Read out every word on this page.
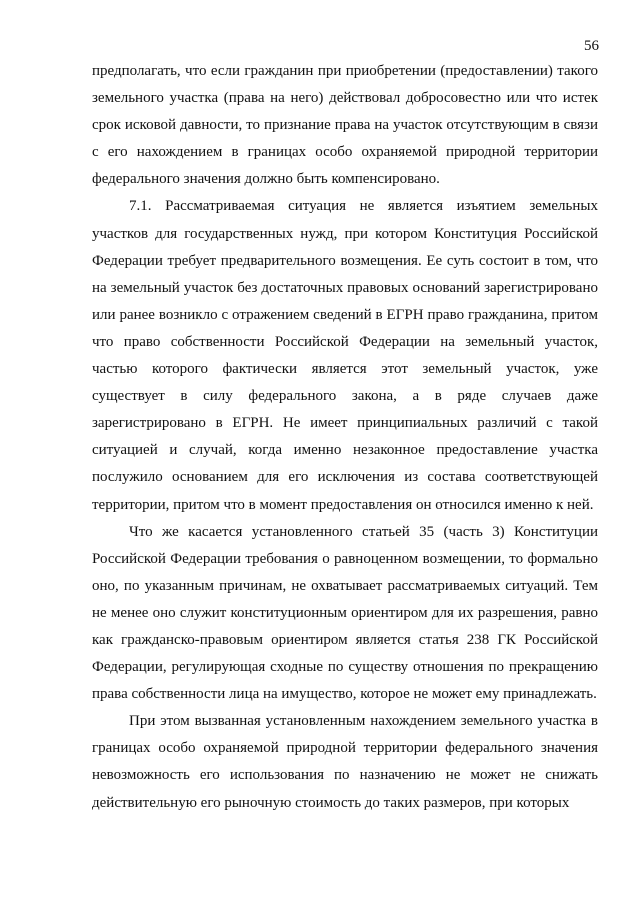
56

предполагать, что если гражданин при приобретении (предоставлении) такого земельного участка (права на него) действовал добросовестно или что истек срок исковой давности, то признание права на участок отсутствующим в связи с его нахождением в границах особо охраняемой природной территории федерального значения должно быть компенсировано.

7.1. Рассматриваемая ситуация не является изъятием земельных участков для государственных нужд, при котором Конституция Российской Федерации требует предварительного возмещения. Ее суть состоит в том, что на земельный участок без достаточных правовых оснований зарегистрировано или ранее возникло с отражением сведений в ЕГРН право гражданина, притом что право собственности Российской Федерации на земельный участок, частью которого фактически является этот земельный участок, уже существует в силу федерального закона, а в ряде случаев даже зарегистрировано в ЕГРН. Не имеет принципиальных различий с такой ситуацией и случай, когда именно незаконное предоставление участка послужило основанием для его исключения из состава соответствующей территории, притом что в момент предоставления он относился именно к ней.

Что же касается установленного статьей 35 (часть 3) Конституции Российской Федерации требования о равноценном возмещении, то формально оно, по указанным причинам, не охватывает рассматриваемых ситуаций. Тем не менее оно служит конституционным ориентиром для их разрешения, равно как гражданско-правовым ориентиром является статья 238 ГК Российской Федерации, регулирующая сходные по существу отношения по прекращению права собственности лица на имущество, которое не может ему принадлежать.

При этом вызванная установленным нахождением земельного участка в границах особо охраняемой природной территории федерального значения невозможность его использования по назначению не может не снижать действительную его рыночную стоимость до таких размеров, при которых
